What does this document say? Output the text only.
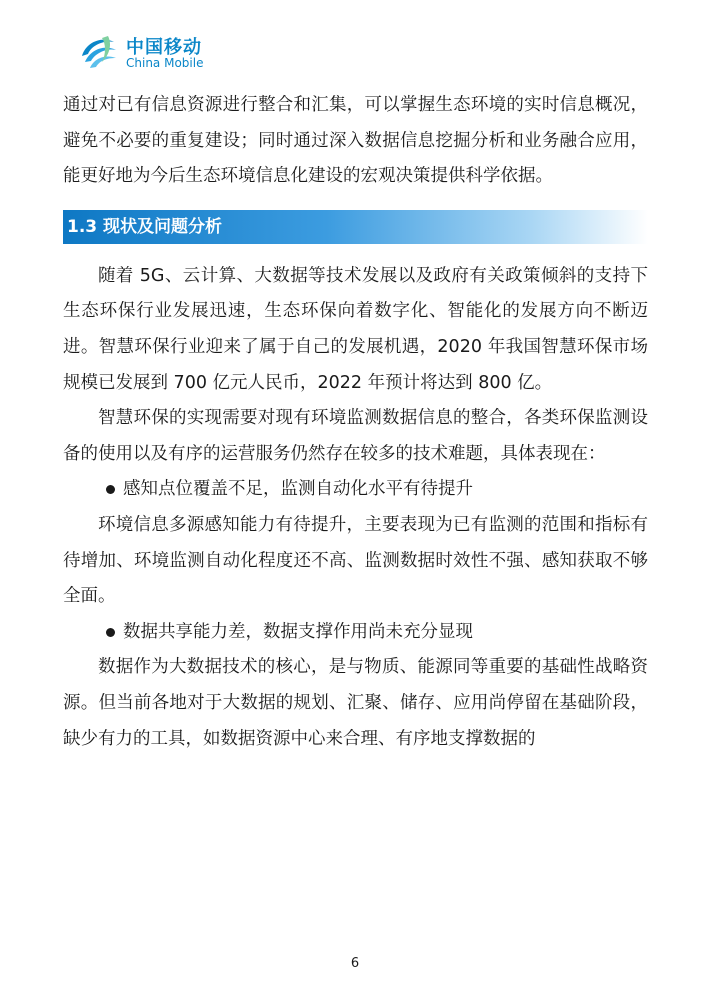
中国移动
China Mobile

通过对已有信息资源进行整合和汇集，可以掌握生态环境的实时信息概况，避免不必要的重复建设；同时通过深入数据信息挖掘分析和业务融合应用，能更好地为今后生态环境信息化建设的宏观决策提供科学依据。

1.3 现状及问题分析

随着 5G、云计算、大数据等技术发展以及政府有关政策倾斜的支持下生态环保行业发展迅速，生态环保向着数字化、智能化的发展方向不断迈进。智慧环保行业迎来了属于自己的发展机遇，2020 年我国智慧环保市场规模已发展到 700 亿元人民币，2022 年预计将达到 800 亿。

智慧环保的实现需要对现有环境监测数据信息的整合，各类环保监测设备的使用以及有序的运营服务仍然存在较多的技术难题，具体表现在：

感知点位覆盖不足，监测自动化水平有待提升

环境信息多源感知能力有待提升，主要表现为已有监测的范围和指标有待增加、环境监测自动化程度还不高、监测数据时效性不强、感知获取不够全面。

数据共享能力差，数据支撑作用尚未充分显现

数据作为大数据技术的核心，是与物质、能源同等重要的基础性战略资源。但当前各地对于大数据的规划、汇聚、储存、应用尚停留在基础阶段，缺少有力的工具，如数据资源中心来合理、有序地支撑数据的

6
